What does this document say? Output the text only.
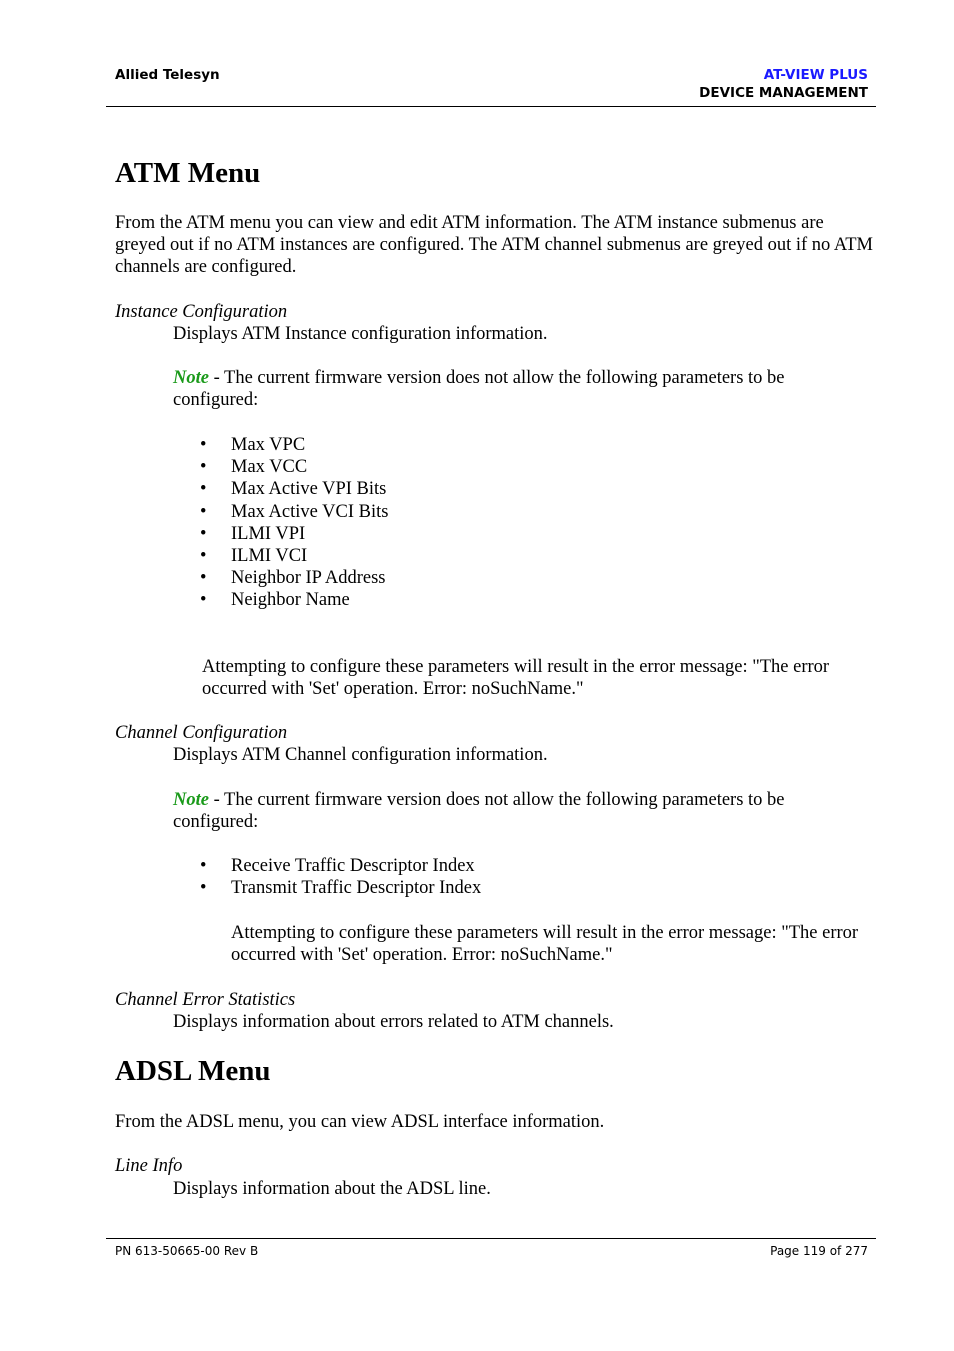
Allied Telesyn	AT-VIEW PLUS
DEVICE MANAGEMENT
ATM Menu
From the ATM menu you can view and edit ATM information. The ATM instance submenus are greyed out if no ATM instances are configured. The ATM channel submenus are greyed out if no ATM channels are configured.
Instance Configuration
Displays ATM Instance configuration information.
Note - The current firmware version does not allow the following parameters to be configured:
• Max VPC
• Max VCC
• Max Active VPI Bits
• Max Active VCI Bits
• ILMI VPI
• ILMI VCI
• Neighbor IP Address
• Neighbor Name
Attempting to configure these parameters will result in the error message: "The error occurred with 'Set' operation. Error: noSuchName."
Channel Configuration
Displays ATM Channel configuration information.
Note - The current firmware version does not allow the following parameters to be configured:
• Receive Traffic Descriptor Index
• Transmit Traffic Descriptor Index
Attempting to configure these parameters will result in the error message: "The error occurred with 'Set' operation. Error: noSuchName."
Channel Error Statistics
Displays information about errors related to ATM channels.
ADSL Menu
From the ADSL menu, you can view ADSL interface information.
Line Info
Displays information about the ADSL line.
PN 613-50665-00 Rev B	Page 119 of 277
